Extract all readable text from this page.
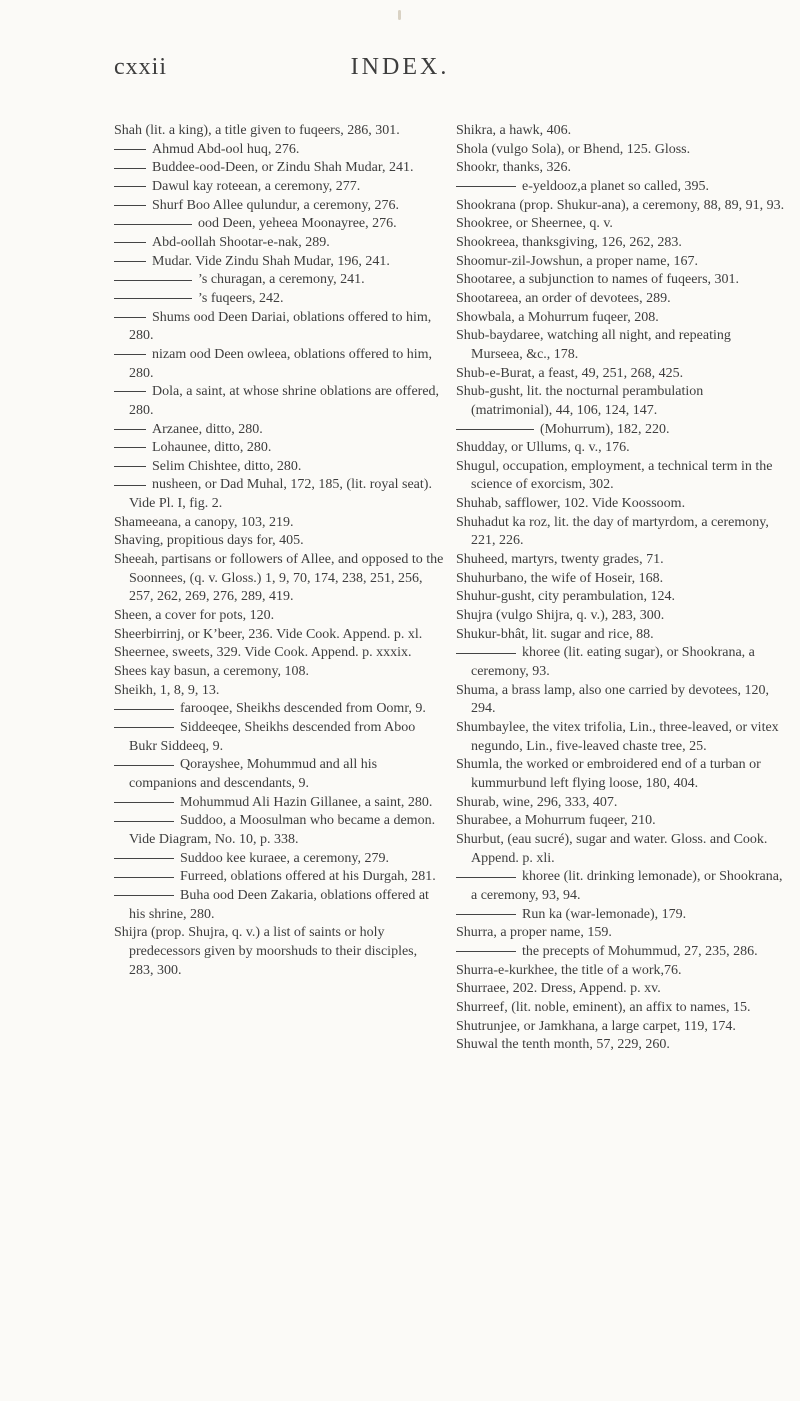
cxxii	INDEX.

Shah (lit. a king), a title given to fuqeers, 286, 301.

Ahmud Abd-ool huq, 276.

Buddee-ood-Deen, or Zindu Shah Mudar, 241.

Dawul kay roteean, a ceremony, 277.

Shurf Boo Allee qulundur, a ceremony, 276.

ood Deen, yeheea Moonayree, 276.

Abd-oollah Shootar-e-nak, 289.

Mudar. Vide Zindu Shah Mudar, 196, 241.

’s churagan, a ceremony, 241.

’s fuqeers, 242.

Shums ood Deen Dariai, oblations offered to him, 280.

nizam ood Deen owleea, oblations offered to him, 280.

Dola, a saint, at whose shrine oblations are offered, 280.

Arzanee, ditto, 280.

Lohaunee, ditto, 280.

Selim Chishtee, ditto, 280.

nusheen, or Dad Muhal, 172, 185, (lit. royal seat). Vide Pl. I, fig. 2.

Shameeana, a canopy, 103, 219.

Shaving, propitious days for, 405.

Sheeah, partisans or followers of Allee, and opposed to the Soonnees, (q. v. Gloss.) 1, 9, 70, 174, 238, 251, 256, 257, 262, 269, 276, 289, 419.

Sheen, a cover for pots, 120.

Sheerbirrinj, or K’beer, 236. Vide Cook. Append. p. xl.

Sheernee, sweets, 329. Vide Cook. Append. p. xxxix.

Shees kay basun, a ceremony, 108.

Sheikh, 1, 8, 9, 13.

farooqee, Sheikhs descended from Oomr, 9.

Siddeeqee, Sheikhs descended from Aboo Bukr Siddeeq, 9.

Qorayshee, Mohummud and all his companions and descendants, 9.

Mohummud Ali Hazin Gillanee, a saint, 280.

Suddoo, a Moosulman who became a demon. Vide Diagram, No. 10, p. 338.

Suddoo kee kuraee, a ceremony, 279.

Furreed, oblations offered at his Durgah, 281.

Buha ood Deen Zakaria, oblations offered at his shrine, 280.

Shijra (prop. Shujra, q. v.) a list of saints or holy predecessors given by moorshuds to their disciples, 283, 300.

Shikra, a hawk, 406.

Shola (vulgo Sola), or Bhend, 125. Gloss.

Shookr, thanks, 326.

e-yeldooz,a planet so called, 395.

Shookrana (prop. Shukur-ana), a ceremony, 88, 89, 91, 93.

Shookree, or Sheernee, q. v.

Shookreea, thanksgiving, 126, 262, 283.

Shoomur-zil-Jowshun, a proper name, 167.

Shootaree, a subjunction to names of fuqeers, 301.

Shootareea, an order of devotees, 289.

Showbala, a Mohurrum fuqeer, 208.

Shub-baydaree, watching all night, and repeating Murseea, &c., 178.

Shub-e-Burat, a feast, 49, 251, 268, 425.

Shub-gusht, lit. the nocturnal perambulation (matrimonial), 44, 106, 124, 147.

(Mohurrum), 182, 220.

Shudday, or Ullums, q. v., 176.

Shugul, occupation, employment, a technical term in the science of exorcism, 302.

Shuhab, safflower, 102. Vide Koossoom.

Shuhadut ka roz, lit. the day of martyrdom, a ceremony, 221, 226.

Shuheed, martyrs, twenty grades, 71.

Shuhurbano, the wife of Hoseir, 168.

Shuhur-gusht, city perambulation, 124.

Shujra (vulgo Shijra, q. v.), 283, 300.

Shukur-bhât, lit. sugar and rice, 88.

khoree (lit. eating sugar), or Shookrana, a ceremony, 93.

Shuma, a brass lamp, also one carried by devotees, 120, 294.

Shumbaylee, the vitex trifolia, Lin., three-leaved, or vitex negundo, Lin., five-leaved chaste tree, 25.

Shumla, the worked or embroidered end of a turban or kummurbund left flying loose, 180, 404.

Shurab, wine, 296, 333, 407.

Shurabee, a Mohurrum fuqeer, 210.

Shurbut, (eau sucré), sugar and water. Gloss. and Cook. Append. p. xli.

khoree (lit. drinking lemonade), or Shookrana, a ceremony, 93, 94.

Run ka (war-lemonade), 179.

Shurra, a proper name, 159.

the precepts of Mohummud, 27, 235, 286.

Shurra-e-kurkhee, the title of a work,76.

Shurraee, 202. Dress, Append. p. xv.

Shurreef, (lit. noble, eminent), an affix to names, 15.

Shutrunjee, or Jamkhana, a large carpet, 119, 174.

Shuwal the tenth month, 57, 229, 260.
